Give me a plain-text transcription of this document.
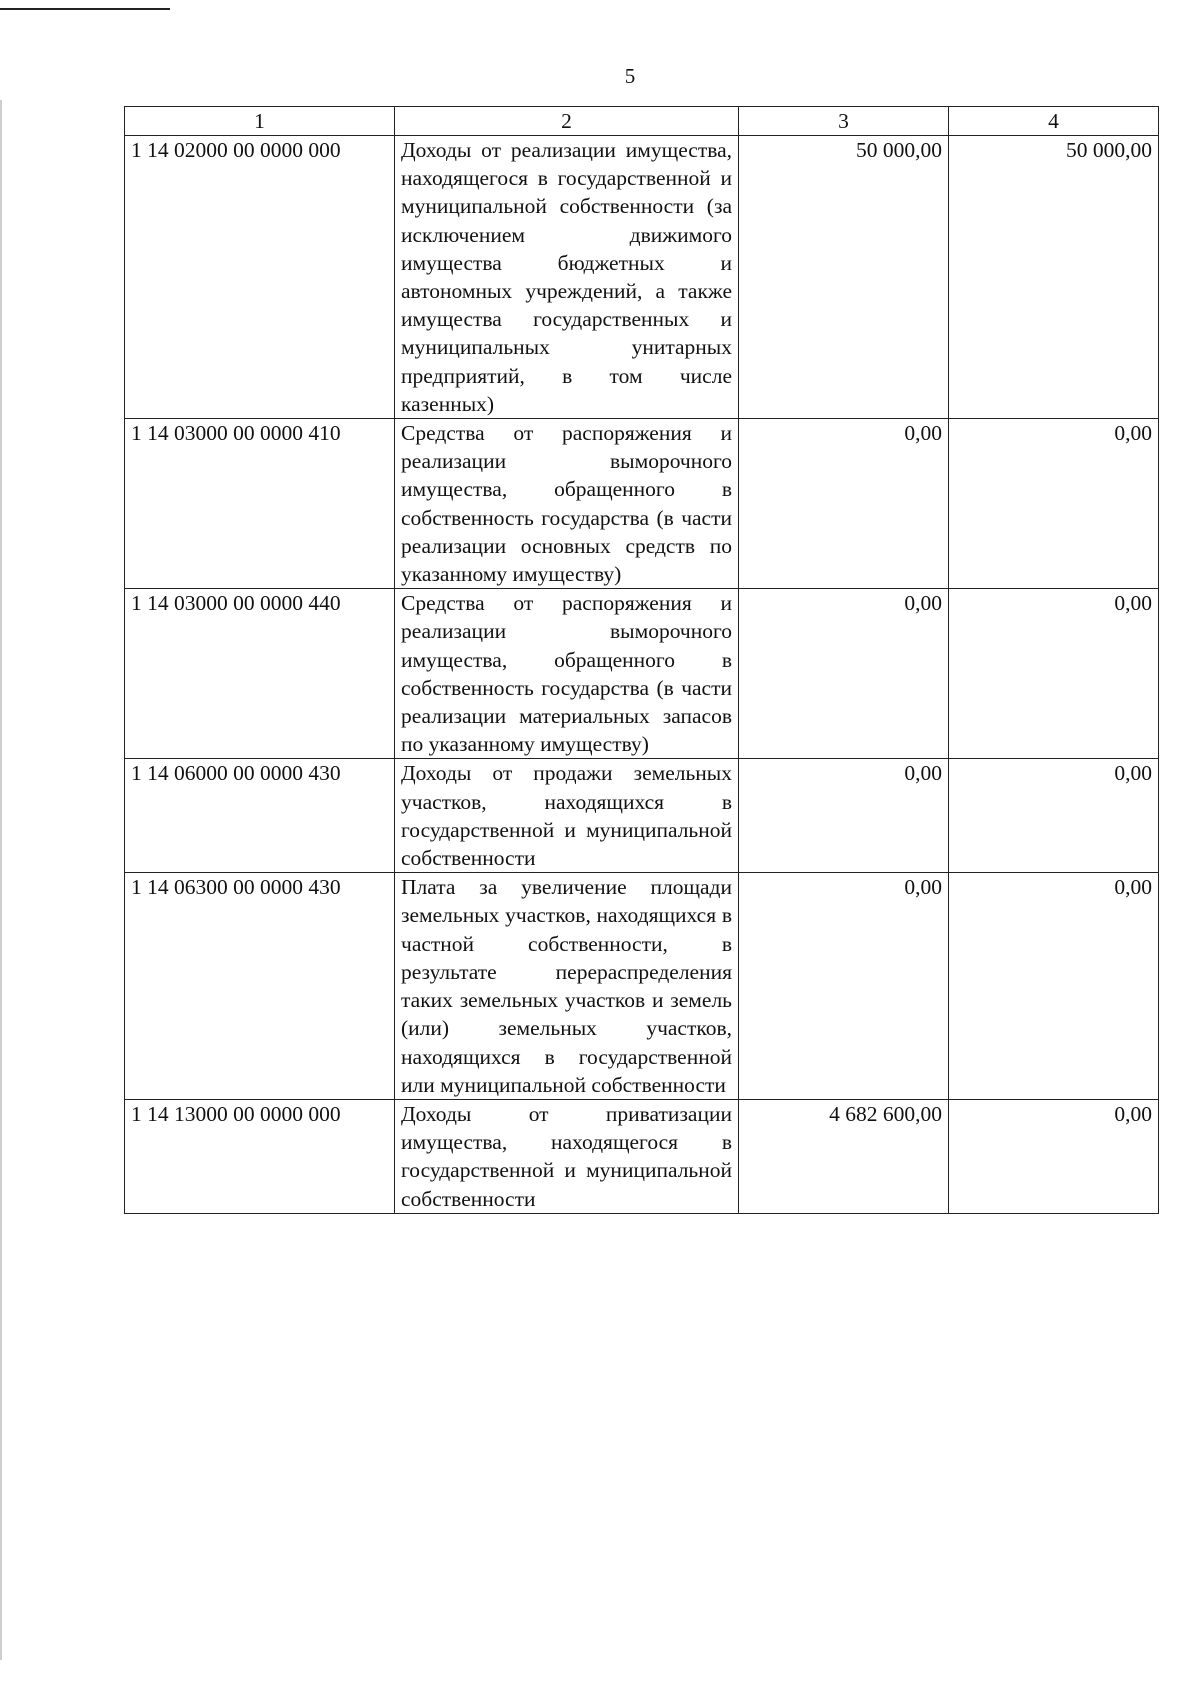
5
1	2	3	4
1 14 02000 00 0000 000	Доходы от реализации имущества, находящегося в государственной и муниципальной собственности (за исключением движимого имущества бюджетных и автономных учреждений, а также имущества государственных и муниципальных унитарных предприятий, в том числе казенных)	50 000,00	50 000,00
1 14 03000 00 0000 410	Средства от распоряжения и реализации выморочного имущества, обращенного в собственность государства (в части реализации основных средств по указанному имуществу)	0,00	0,00
1 14 03000 00 0000 440	Средства от распоряжения и реализации выморочного имущества, обращенного в собственность государства (в части реализации материальных запасов по указанному имуществу)	0,00	0,00
1 14 06000 00 0000 430	Доходы от продажи земельных участков, находящихся в государственной и муниципальной собственности	0,00	0,00
1 14 06300 00 0000 430	Плата за увеличение площади земельных участков, находящихся в частной собственности, в результате перераспределения таких земельных участков и земель (или) земельных участков, находящихся в государственной или муниципальной собственности	0,00	0,00
1 14 13000 00 0000 000	Доходы от приватизации имущества, находящегося в государственной и муниципальной собственности	4 682 600,00	0,00
